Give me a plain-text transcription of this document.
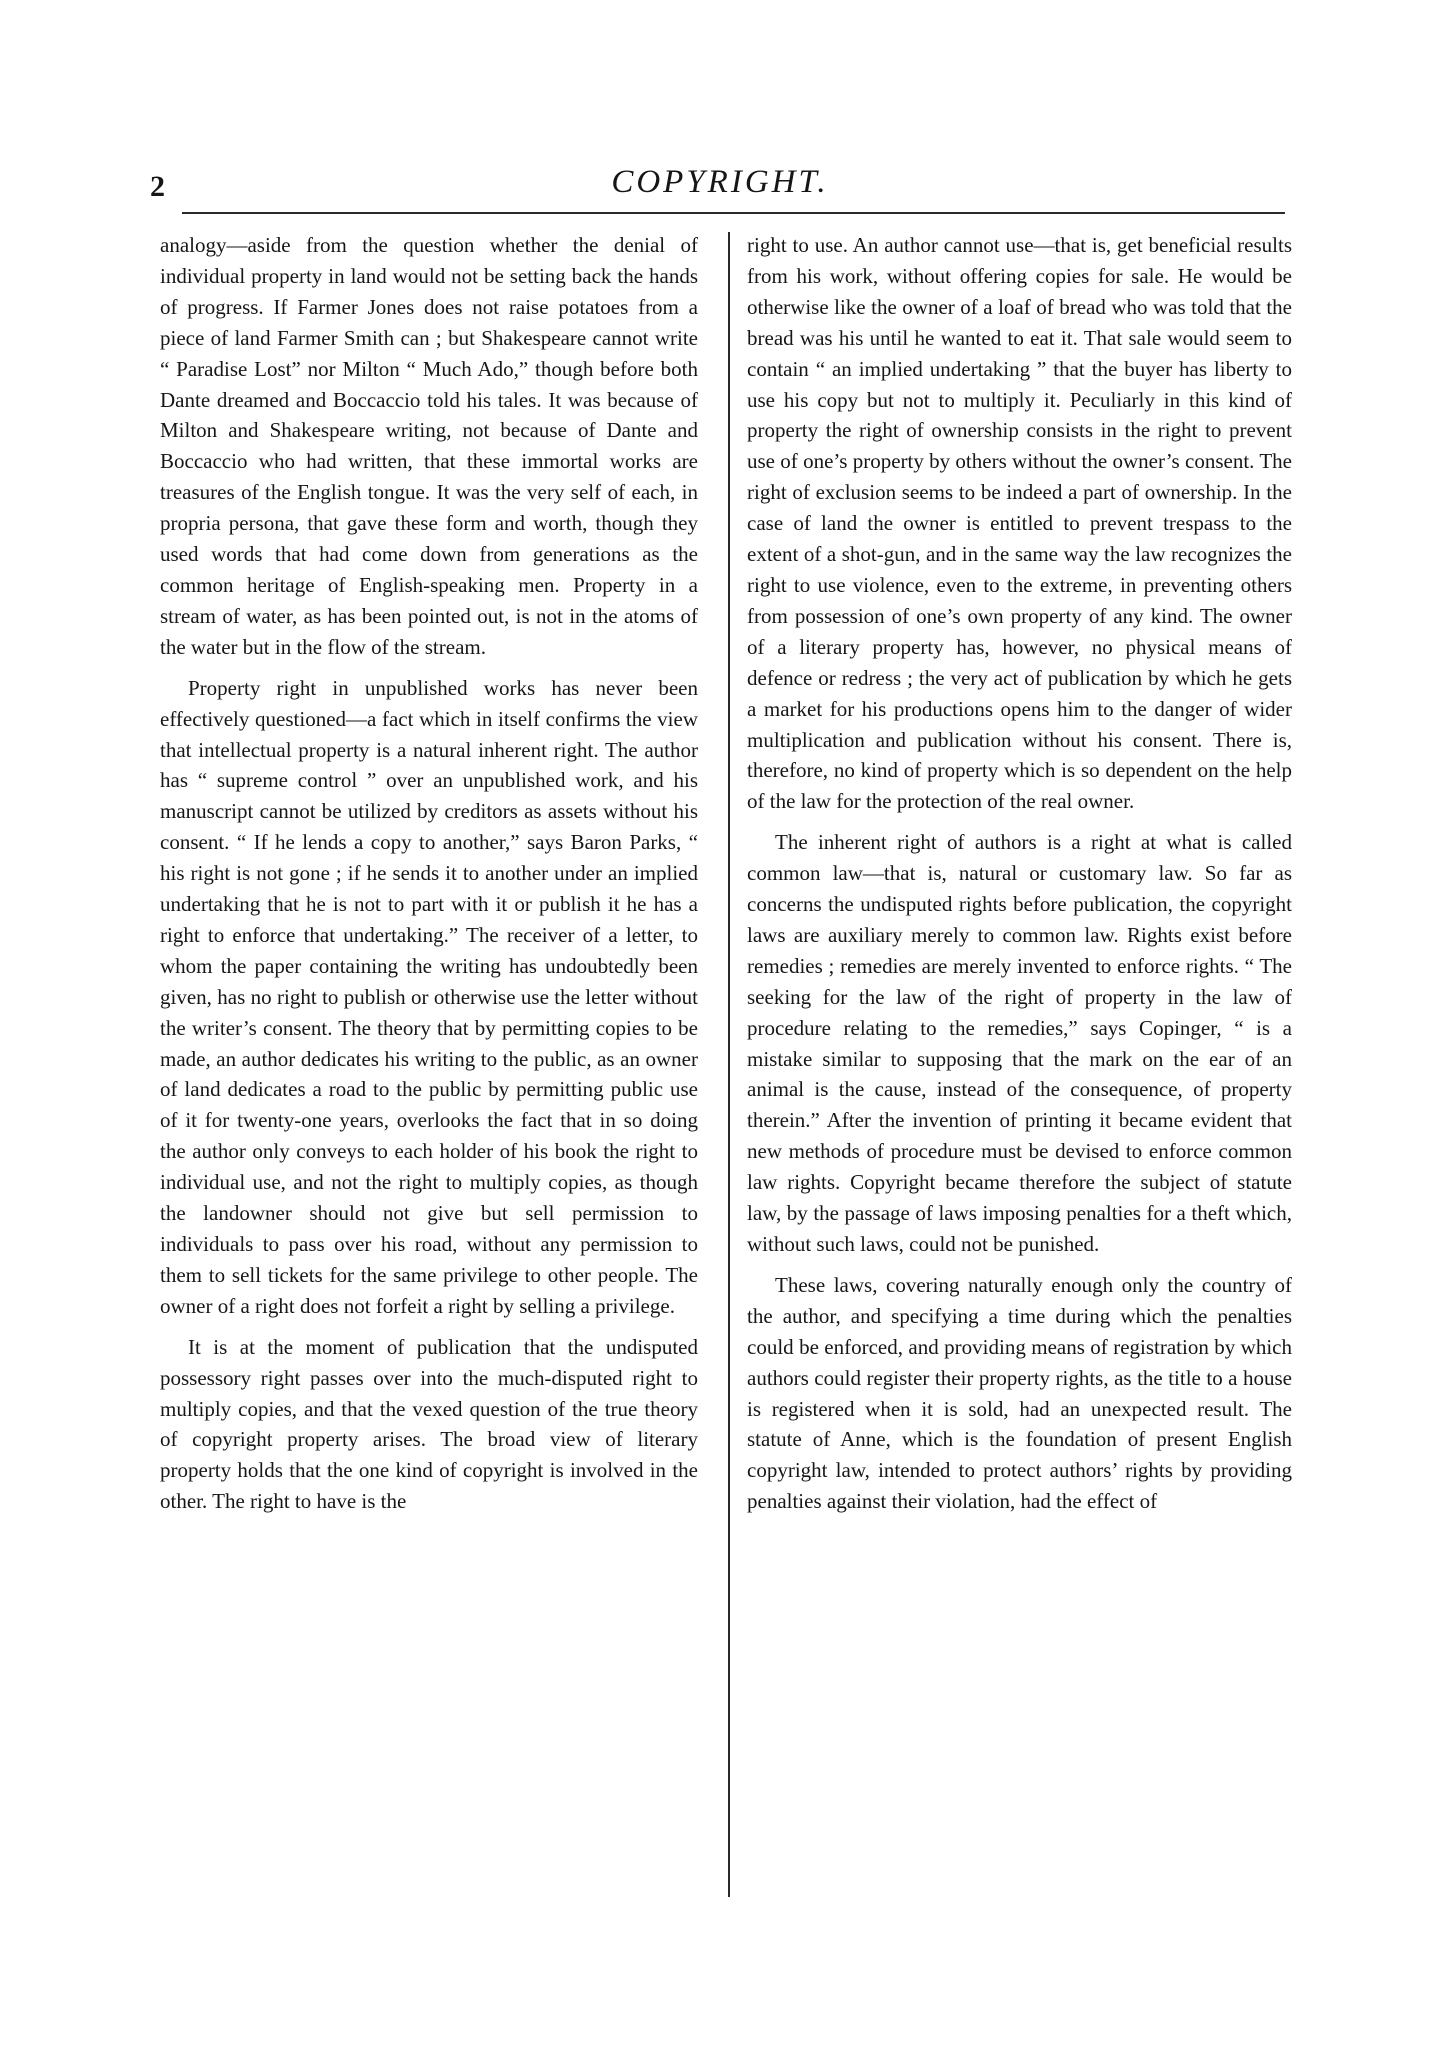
2	COPYRIGHT.

analogy—aside from the question whether the denial of individual property in land would not be setting back the hands of progress. If Farmer Jones does not raise potatoes from a piece of land Farmer Smith can ; but Shakespeare cannot write “ Paradise Lost” nor Milton “ Much Ado,” though before both Dante dreamed and Boccaccio told his tales. It was because of Milton and Shakespeare writing, not because of Dante and Boccaccio who had written, that these immortal works are treasures of the English tongue. It was the very self of each, in propria persona, that gave these form and worth, though they used words that had come down from generations as the common heritage of English-speaking men. Property in a stream of water, as has been pointed out, is not in the atoms of the water but in the flow of the stream.

Property right in unpublished works has never been effectively questioned—a fact which in itself confirms the view that intellectual property is a natural inherent right. The author has “ supreme control ” over an unpublished work, and his manuscript cannot be utilized by creditors as assets without his consent. “ If he lends a copy to another,” says Baron Parks, “ his right is not gone ; if he sends it to another under an implied undertaking that he is not to part with it or publish it he has a right to enforce that undertaking.” The receiver of a letter, to whom the paper containing the writing has undoubtedly been given, has no right to publish or otherwise use the letter without the writer’s consent. The theory that by permitting copies to be made, an author dedicates his writing to the public, as an owner of land dedicates a road to the public by permitting public use of it for twenty-one years, overlooks the fact that in so doing the author only conveys to each holder of his book the right to individual use, and not the right to multiply copies, as though the landowner should not give but sell permission to individuals to pass over his road, without any permission to them to sell tickets for the same privilege to other people. The owner of a right does not forfeit a right by selling a privilege.

It is at the moment of publication that the undisputed possessory right passes over into the much-disputed right to multiply copies, and that the vexed question of the true theory of copyright property arises. The broad view of literary property holds that the one kind of copyright is involved in the other. The right to have is the

right to use. An author cannot use—that is, get beneficial results from his work, without offering copies for sale. He would be otherwise like the owner of a loaf of bread who was told that the bread was his until he wanted to eat it. That sale would seem to contain “ an implied undertaking ” that the buyer has liberty to use his copy but not to multiply it. Peculiarly in this kind of property the right of ownership consists in the right to prevent use of one’s property by others without the owner’s consent. The right of exclusion seems to be indeed a part of ownership. In the case of land the owner is entitled to prevent trespass to the extent of a shot-gun, and in the same way the law recognizes the right to use violence, even to the extreme, in preventing others from possession of one’s own property of any kind. The owner of a literary property has, however, no physical means of defence or redress ; the very act of publication by which he gets a market for his productions opens him to the danger of wider multiplication and publication without his consent. There is, therefore, no kind of property which is so dependent on the help of the law for the protection of the real owner.

The inherent right of authors is a right at what is called common law—that is, natural or customary law. So far as concerns the undisputed rights before publication, the copyright laws are auxiliary merely to common law. Rights exist before remedies ; remedies are merely invented to enforce rights. “ The seeking for the law of the right of property in the law of procedure relating to the remedies,” says Copinger, “ is a mistake similar to supposing that the mark on the ear of an animal is the cause, instead of the consequence, of property therein.” After the invention of printing it became evident that new methods of procedure must be devised to enforce common law rights. Copyright became therefore the subject of statute law, by the passage of laws imposing penalties for a theft which, without such laws, could not be punished.

These laws, covering naturally enough only the country of the author, and specifying a time during which the penalties could be enforced, and providing means of registration by which authors could register their property rights, as the title to a house is registered when it is sold, had an unexpected result. The statute of Anne, which is the foundation of present English copyright law, intended to protect authors’ rights by providing penalties against their violation, had the effect of
